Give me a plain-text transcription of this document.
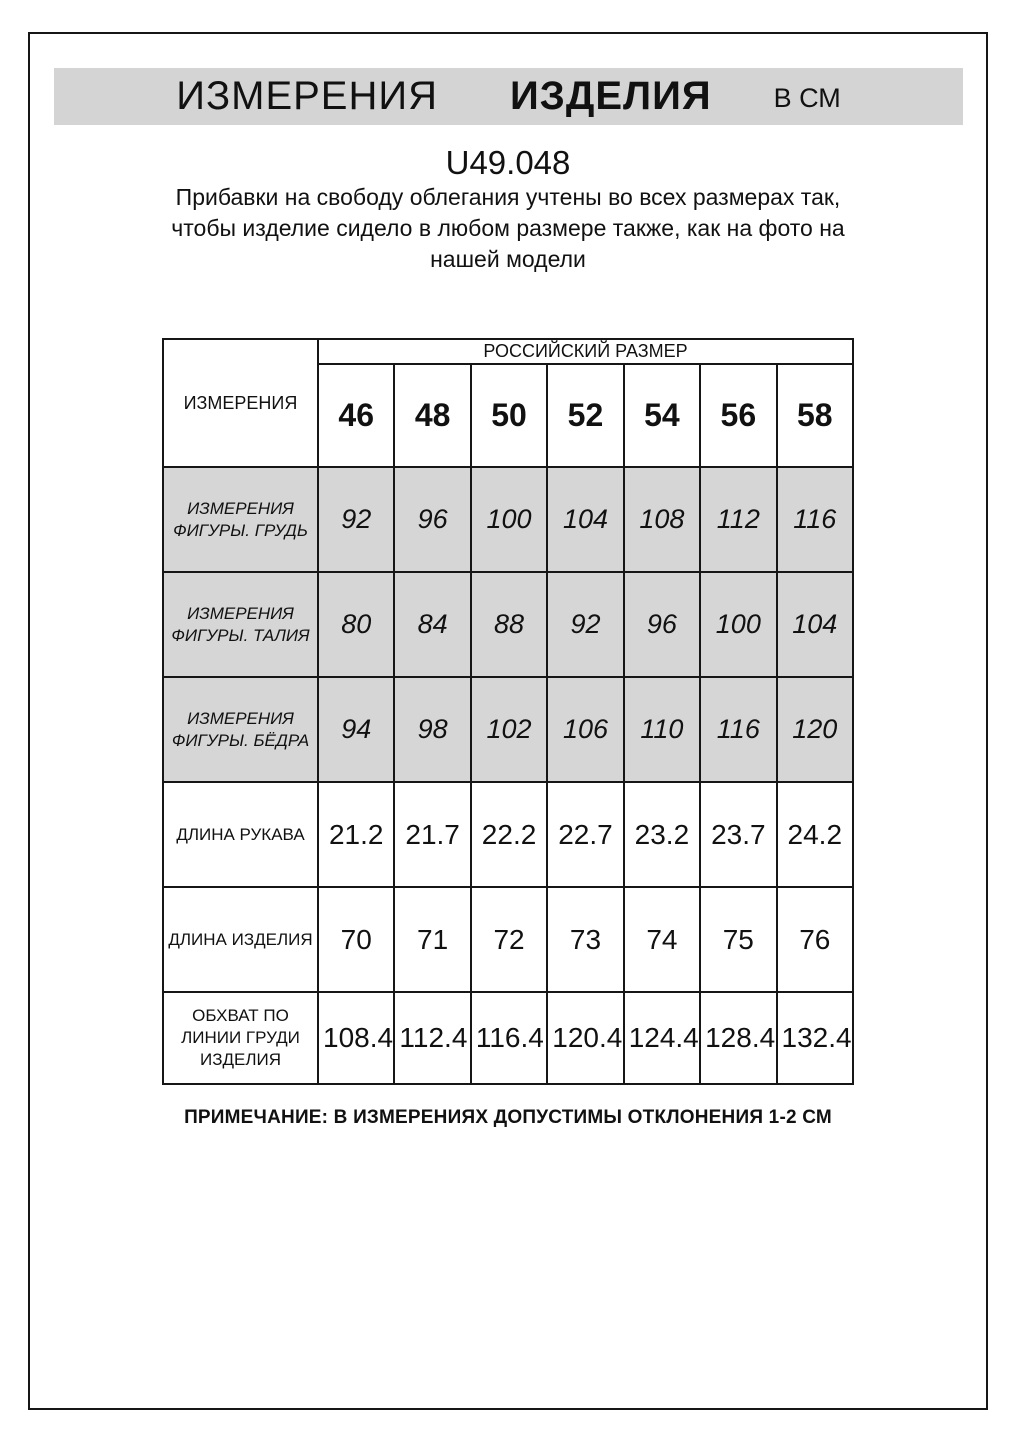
ИЗМЕРЕНИЯ ИЗДЕЛИЯ В СМ
U49.048

Прибавки на свободу облегания учтены во всех размерах так, чтобы изделие сидело в любом размере также, как на фото на нашей модели

ИЗМЕРЕНИЯ	РОССИЙСКИЙ РАЗМЕР						
	46	48	50	52	54	56	58
ИЗМЕРЕНИЯ ФИГУРЫ. ГРУДЬ	92	96	100	104	108	112	116
ИЗМЕРЕНИЯ ФИГУРЫ. ТАЛИЯ	80	84	88	92	96	100	104
ИЗМЕРЕНИЯ ФИГУРЫ. БЁДРА	94	98	102	106	110	116	120
ДЛИНА РУКАВА	21.2	21.7	22.2	22.7	23.2	23.7	24.2
ДЛИНА ИЗДЕЛИЯ	70	71	72	73	74	75	76
ОБХВАТ ПО ЛИНИИ ГРУДИ ИЗДЕЛИЯ	108.4	112.4	116.4	120.4	124.4	128.4	132.4
ПРИМЕЧАНИЕ: В ИЗМЕРЕНИЯХ ДОПУСТИМЫ ОТКЛОНЕНИЯ 1-2 СМ
